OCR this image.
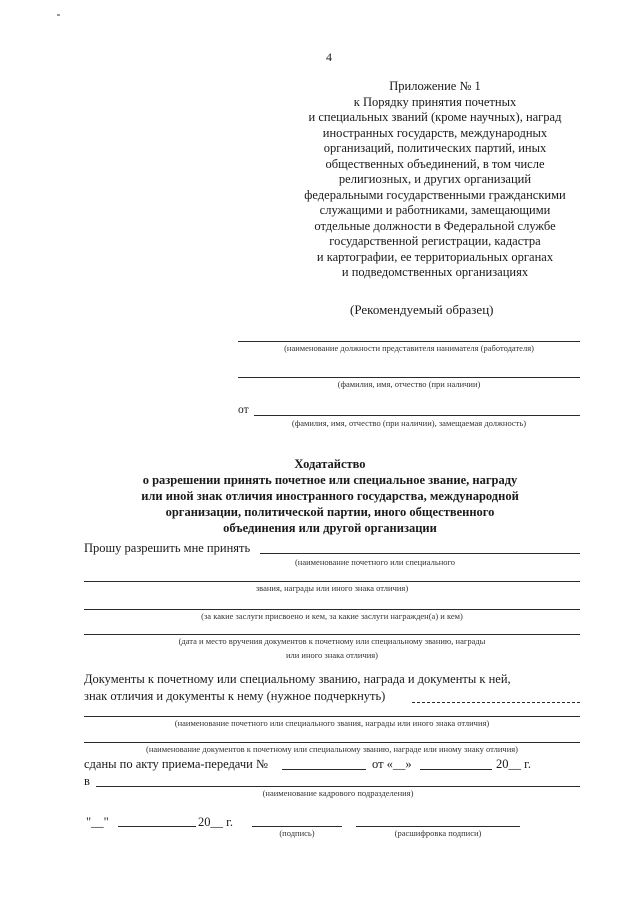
4
Приложение № 1
к Порядку принятия почетных
и специальных званий (кроме научных), наград
иностранных государств, международных
организаций, политических партий, иных
общественных объединений, в том числе
религиозных, и других организаций
федеральными государственными гражданскими
служащими и работниками, замещающими
отдельные должности в Федеральной службе
государственной регистрации, кадастра
и картографии, ее территориальных органах
и подведомственных организациях
(Рекомендуемый образец)
(наименование должности представителя нанимателя (работодателя)
(фамилия, имя, отчество (при наличии)
от
(фамилия, имя, отчество (при наличии), замещаемая должность)
Ходатайство
о разрешении принять почетное или специальное звание, награду
или иной знак отличия иностранного государства, международной
организации, политической партии, иного общественного
объединения или другой организации
Прошу разрешить мне принять
(наименование почетного или специального
звания, награды или иного знака отличия)
(за какие заслуги присвоено и кем, за какие заслуги награжден(а) и кем)
(дата и место вручения документов к почетному или специальному званию, награды
или иного знака отличия)
Документы к почетному или специальному званию, награда и документы к ней,
знак отличия и документы к нему (нужное подчеркнуть)
(наименование почетного или специального звания, награды или иного знака отличия)
(наименование документов к почетному или специальному званию, награде или иному знаку отличия)
сданы по акту приема-передачи №	от «__»	20__ г.
в
(наименование кадрового подразделения)
"__"	20__ г.
(подпись)	(расшифровка подписи)
